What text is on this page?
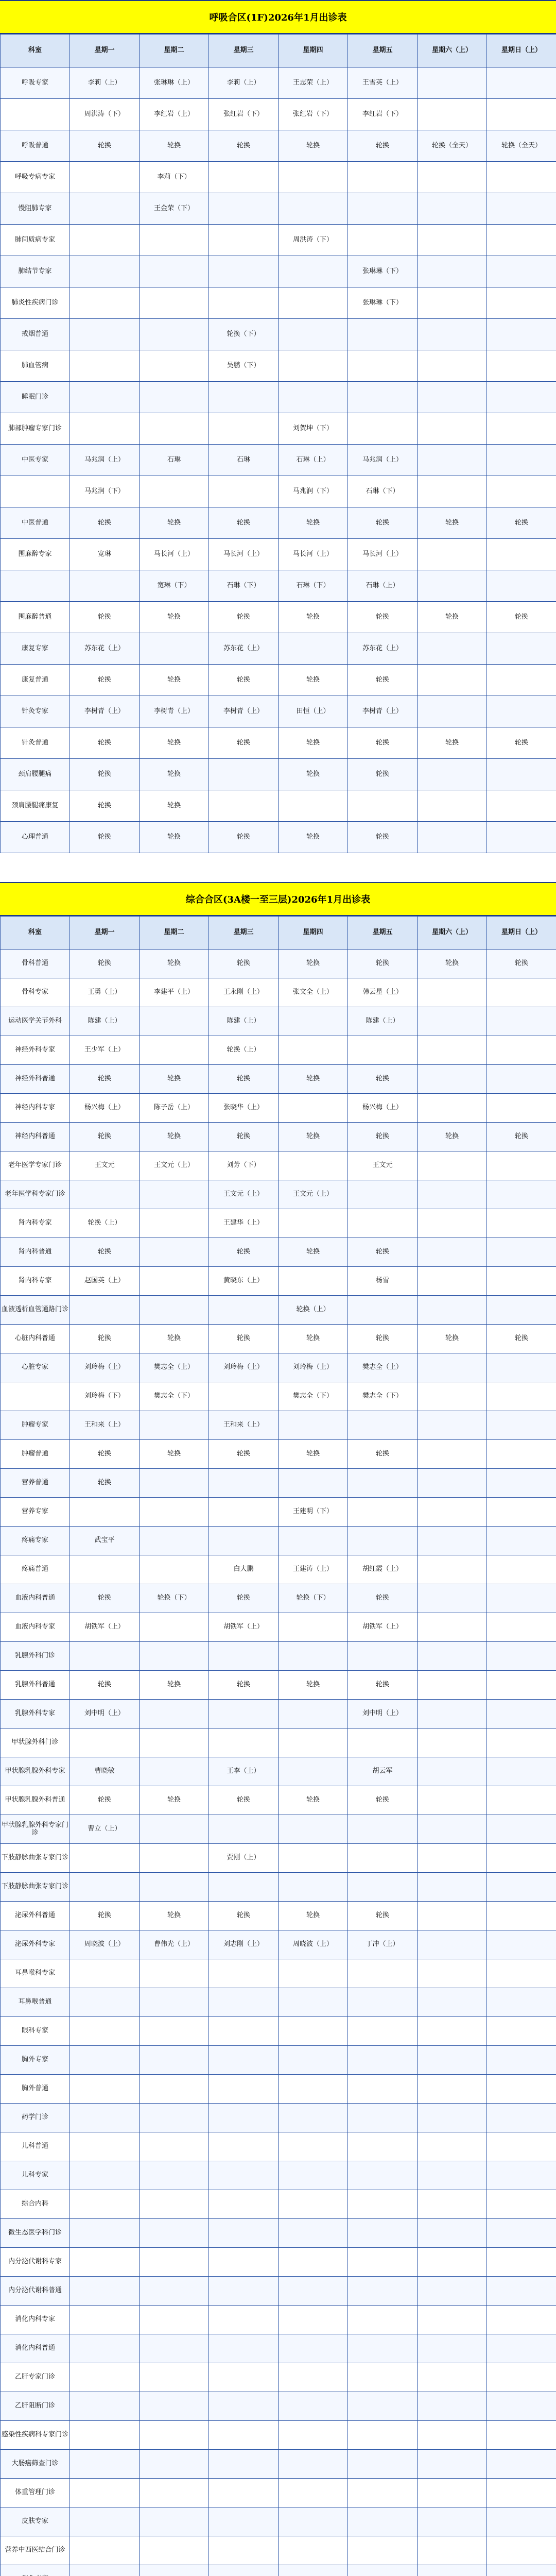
呼吸合区(1F)2026年1月出诊表
科室	星期一	星期二	星期三	星期四	星期五	星期六（上）	星期日（上）
呼吸专家	李莉（上）	张琳琳（上）	李莉（上）	王志荣（上）	王雪英（上）		
	周洪涛（下）	李红岩（上）	张红岩（下）	张红岩（下）	李红岩（下）		
呼吸普通	轮换	轮换	轮换	轮换	轮换	轮换（全天）	轮换（全天）
呼吸专病专家		李莉（下）					
慢阻肺专家		王金荣（下）					
肺间质病专家				周洪涛（下）			
肺结节专家					张琳琳（下）		
肺炎性疾病门诊					张琳琳（下）		
戒烟普通			轮换（下）				
肺血管病			吴鹏（下）				
睡眠门诊							
肺部肿瘤专家门诊				刘贺坤（下）			
中医专家	马兆润（上）	石琳	石琳	石琳（上）	马兆润（上）		
	马兆润（下）			马兆润（下）	石琳（下）		
中医普通	轮换	轮换	轮换	轮换	轮换	轮换	轮换
围麻醉专家	宽琳	马长河（上）	马长河（上）	马长河（上）	马长河（上）		
		宽琳（下）	石琳（下）	石琳（下）	石琳（上）		
围麻醉普通	轮换	轮换	轮换	轮换	轮换	轮换	轮换
康复专家	苏东花（上）		苏东花（上）		苏东花（上）		
康复普通	轮换	轮换	轮换	轮换	轮换		
针灸专家	李树青（上）	李树青（上）	李树青（上）	田恒（上）	李树青（上）		
针灸普通	轮换	轮换	轮换	轮换	轮换	轮换	轮换
颈肩腰腿痛	轮换	轮换		轮换	轮换		
颈肩腰腿痛康复	轮换	轮换					
心理普通	轮换	轮换	轮换	轮换	轮换		
综合合区(3A楼一至三层)2026年1月出诊表
科室	星期一	星期二	星期三	星期四	星期五	星期六（上）	星期日（上）
骨科普通	轮换	轮换	轮换	轮换	轮换	轮换	轮换
骨科专家	王勇（上）	李建平（上）	王永刚（上）	张文全（上）	韩云星（上）		
运动医学关节外科	陈建（上）		陈建（上）		陈建（上）		
神经外科专家	王少军（上）		轮换（上）				
神经外科普通	轮换	轮换	轮换	轮换	轮换		
神经内科专家	杨兴梅（上）	陈子岳（上）	张晓华（上）		杨兴梅（上）		
神经内科普通	轮换	轮换	轮换	轮换	轮换	轮换	轮换
老年医学专家门诊	王文元	王文元（上）	刘芳（下）		王文元		
老年医学科专家门诊			王文元（上）	王文元（上）			
肾内科专家	轮换（上）		王建华（上）				
肾内科普通	轮换		轮换	轮换	轮换		
肾内科专家	赵国英（上）		黄晓东（上）		杨雪		
血液透析血管通路门诊				轮换（上）			
心脏内科普通	轮换	轮换	轮换	轮换	轮换	轮换	轮换
心脏专家	刘玲梅（上）	樊志全（上）	刘玲梅（上）	刘玲梅（上）	樊志全（上）		
	刘玲梅（下）	樊志全（下）		樊志全（下）	樊志全（下）		
肿瘤专家	王和来（上）		王和来（上）				
肿瘤普通	轮换	轮换	轮换	轮换	轮换		
营养普通	轮换						
营养专家				王建明（下）			
疼痛专家	武宝平						
疼痛普通			白大鹏	王建涛（上）	胡红霞（上）		
血液内科普通	轮换	轮换（下）	轮换	轮换（下）	轮换		
血液内科专家	胡铁军（上）		胡铁军（上）		胡铁军（上）		
乳腺外科门诊							
乳腺外科普通	轮换	轮换	轮换	轮换	轮换		
乳腺外科专家	刘中明（上）				刘中明（上）		
甲状腺外科门诊							
甲状腺乳腺外科专家	曹晓敏		王李（上）		胡云军		
甲状腺乳腺外科普通	轮换	轮换	轮换	轮换	轮换		
甲状腺乳腺外科专家门诊	曹立（上）						
下肢静脉曲张专家门诊			贾刚（上）				
下肢静脉曲张专家门诊							
泌尿外科普通	轮换	轮换	轮换	轮换	轮换		
泌尿外科专家	周晓波（上）	曹伟光（上）	刘志刚（上）	周晓波（上）	丁冲（上）		
耳鼻喉科专家							
耳鼻喉普通							
眼科专家							
胸外专家							
胸外普通							
药学门诊							
儿科普通							
儿科专家							
综合内科							
微生态医学科门诊							
内分泌代谢科专家							
内分泌代谢科普通							
消化内科专家							
消化内科普通							
乙肝专家门诊							
乙肝阻断门诊							
感染性疾病科专家门诊							
大肠癌筛查门诊							
体重管理门诊							
皮肤专家							
营养中西医结合门诊							
